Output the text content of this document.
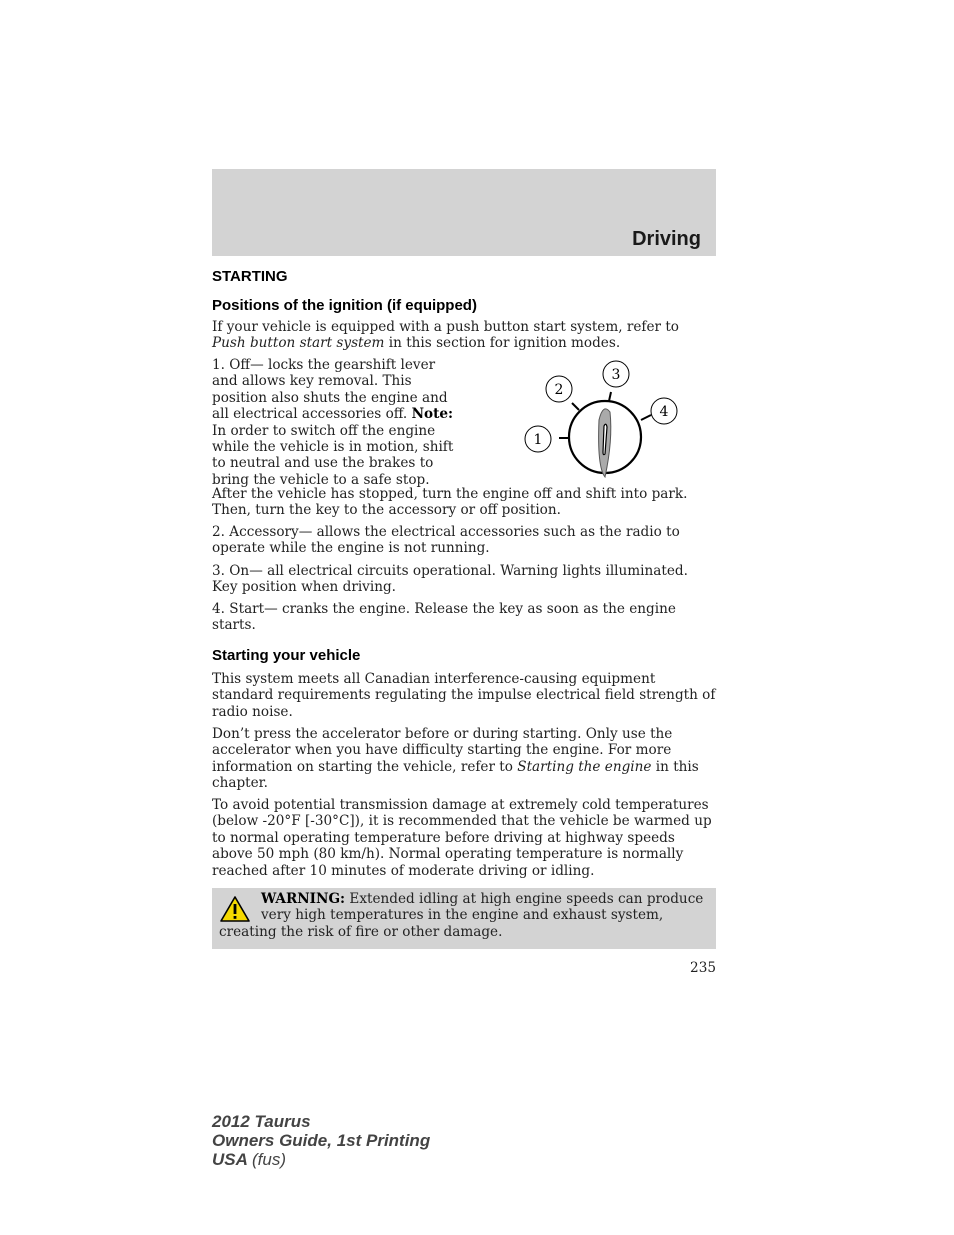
Driving
STARTING
Positions of the ignition (if equipped)

If your vehicle is equipped with a push button start system, refer to
Push button start system in this section for ignition modes.

1. Off— locks the gearshift lever
and allows key removal. This
position also shuts the engine and
all electrical accessories off. Note:
In order to switch off the engine
while the vehicle is in motion, shift
to neutral and use the brakes to
bring the vehicle to a safe stop.

1
2
3
4

After the vehicle has stopped, turn the engine off and shift into park. Then, turn the key to the accessory or off position.

2. Accessory— allows the electrical accessories such as the radio to operate while the engine is not running.

3. On— all electrical circuits operational. Warning lights illuminated. Key position when driving.

4. Start— cranks the engine. Release the key as soon as the engine starts.

Starting your vehicle

This system meets all Canadian interference-causing equipment standard requirements regulating the impulse electrical field strength of radio noise.

Don’t press the accelerator before or during starting. Only use the accelerator when you have difficulty starting the engine. For more information on starting the vehicle, refer to Starting the engine in this chapter.

To avoid potential transmission damage at extremely cold temperatures (below -20°F [-30°C]), it is recommended that the vehicle be warmed up to normal operating temperature before driving at highway speeds above 50 mph (80 km/h). Normal operating temperature is normally reached after 10 minutes of moderate driving or idling.

WARNING: Extended idling at high engine speeds can produce
very high temperatures in the engine and exhaust system,
creating the risk of fire or other damage.

235
2012 Taurus
Owners Guide, 1st Printing
USA (fus)
